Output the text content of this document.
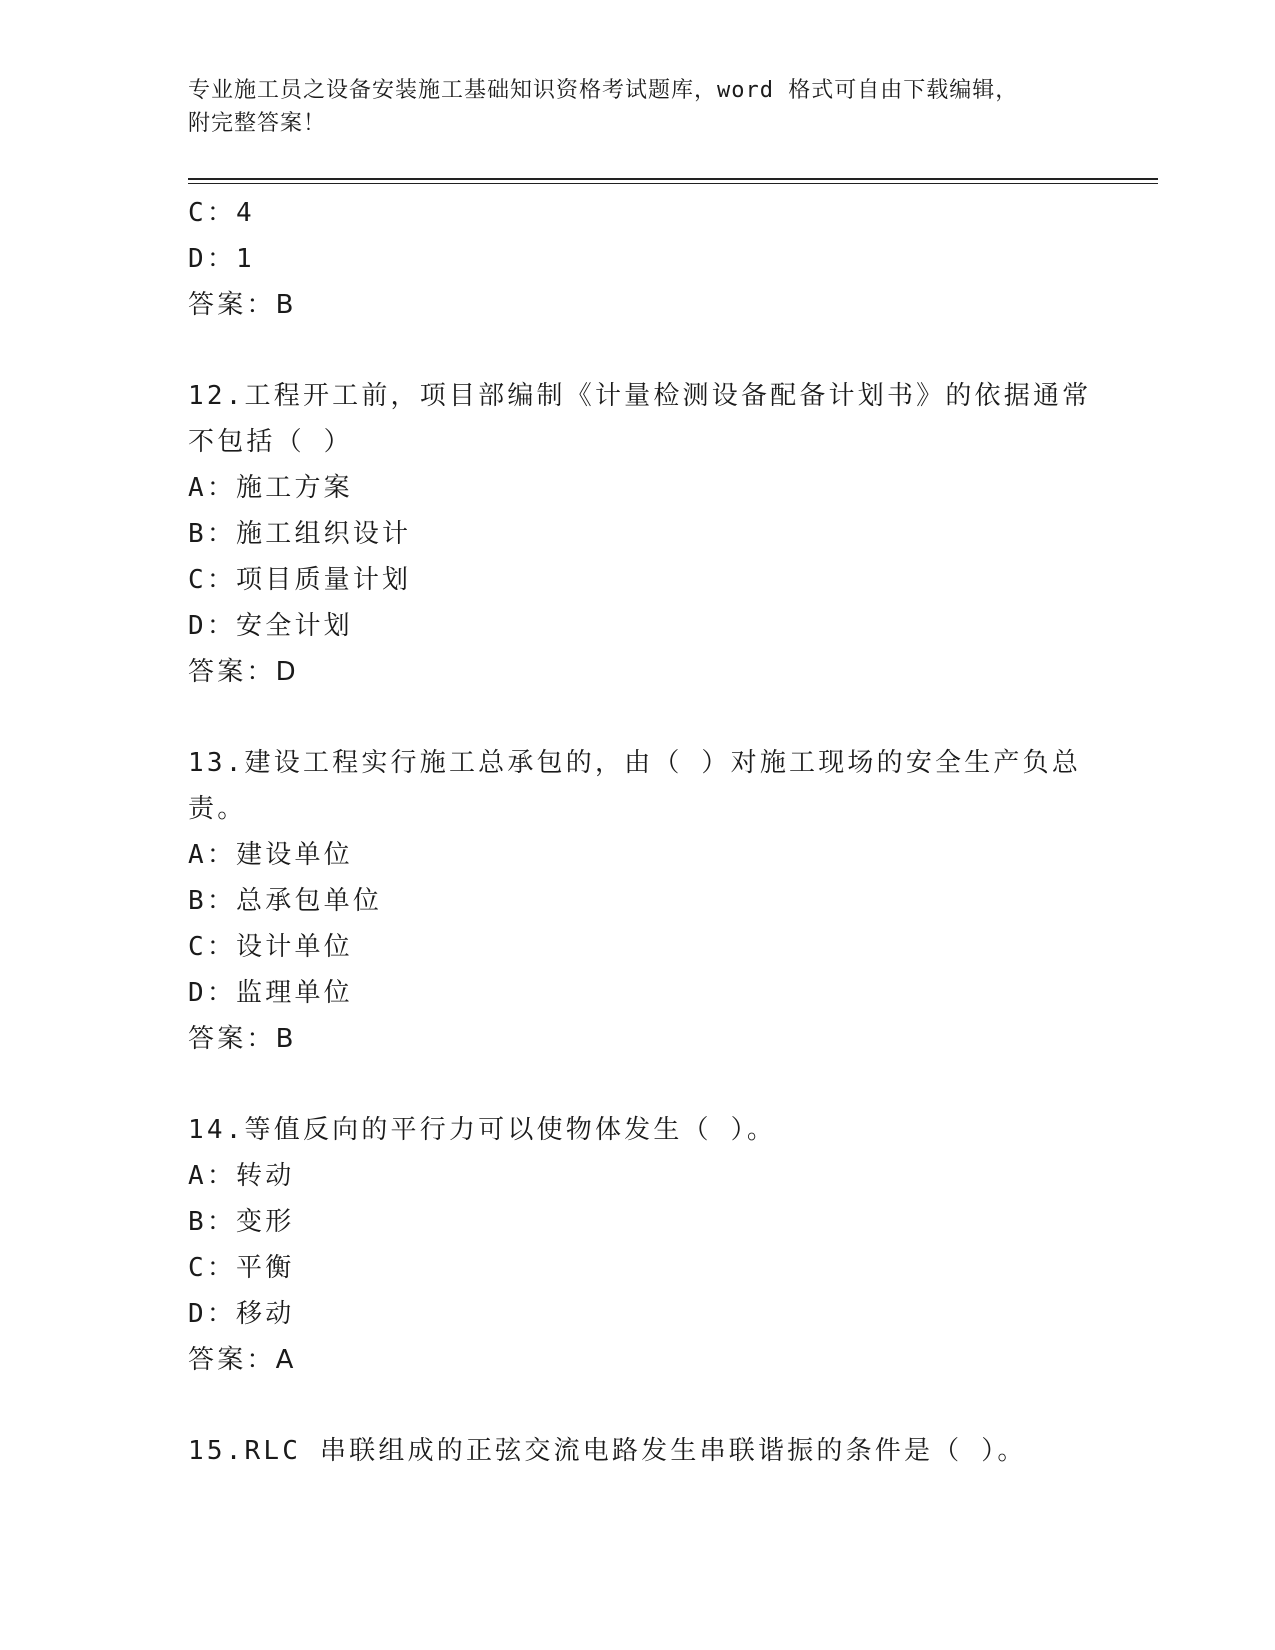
专业施工员之设备安装施工基础知识资格考试题库，word 格式可自由下载编辑，
附完整答案！
C：4
D：1
答案：B
12.工程开工前，项目部编制《计量检测设备配备计划书》的依据通常
不包括（ ）
A：施工方案
B：施工组织设计
C：项目质量计划
D：安全计划
答案：D
13.建设工程实行施工总承包的，由（ ）对施工现场的安全生产负总
责。
A：建设单位
B：总承包单位
C：设计单位
D：监理单位
答案：B
14.等值反向的平行力可以使物体发生（ ）。
A：转动
B：变形
C：平衡
D：移动
答案：A
15.RLC 串联组成的正弦交流电路发生串联谐振的条件是（ ）。
